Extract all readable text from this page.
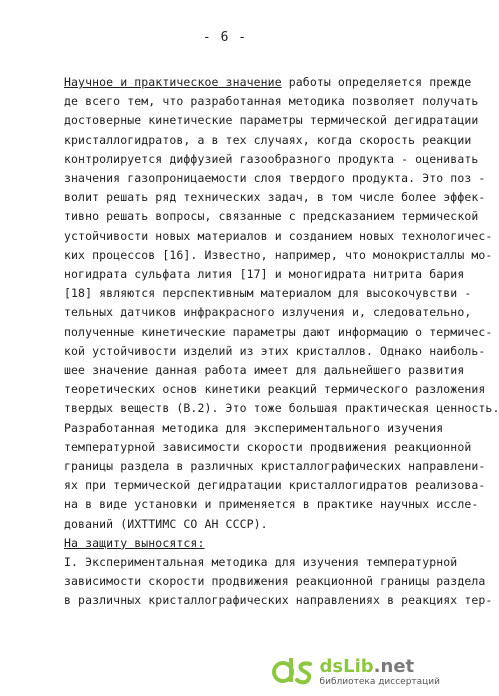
- 6 -
Научное и практическое значение работы определяется прежде
де всего тем, что разработанная методика позволяет получать
достоверные кинетические параметры термической дегидратации
кристаллогидратов, а в тех случаях, когда скорость реакции
контролируется диффузией газообразного продукта - оценивать
значения газопроницаемости слоя твердого продукта. Это поз -
волит решать ряд технических задач, в том числе более эффек-
тивно решать вопросы, связанные с предсказанием термической
устойчивости новых материалов и созданием новых технологичес-
ких процессов [16]. Известно, например, что монокристаллы мо-
ногидрата сульфата лития [17] и моногидрата нитрита бария
[18] являются перспективным материалом для высокочувстви -
тельных датчиков инфракрасного излучения и, следовательно,
полученные кинетические параметры дают информацию о термичес-
кой устойчивости изделий из этих кристаллов. Однако наиболь-
шее значение данная работа имеет для дальнейшего развития
теоретических основ кинетики реакций термического разложения
твердых веществ (В.2). Это тоже большая практическая ценность.
Разработанная методика для экспериментального изучения
температурной зависимости скорости продвижения реакционной
границы раздела в различных кристаллографических направлени-
ях при термической дегидратации кристаллогидратов реализова-
на в виде установки и применяется в практике научных иссле-
дований (ИХТТИМС СО АН СССР).
На защиту выносятся:
I. Экспериментальная методика для изучения температурной
зависимости скорости продвижения реакционной границы раздела
в различных кристаллографических направлениях в реакциях тер-
dsLib.net
библиотека диссертаций
